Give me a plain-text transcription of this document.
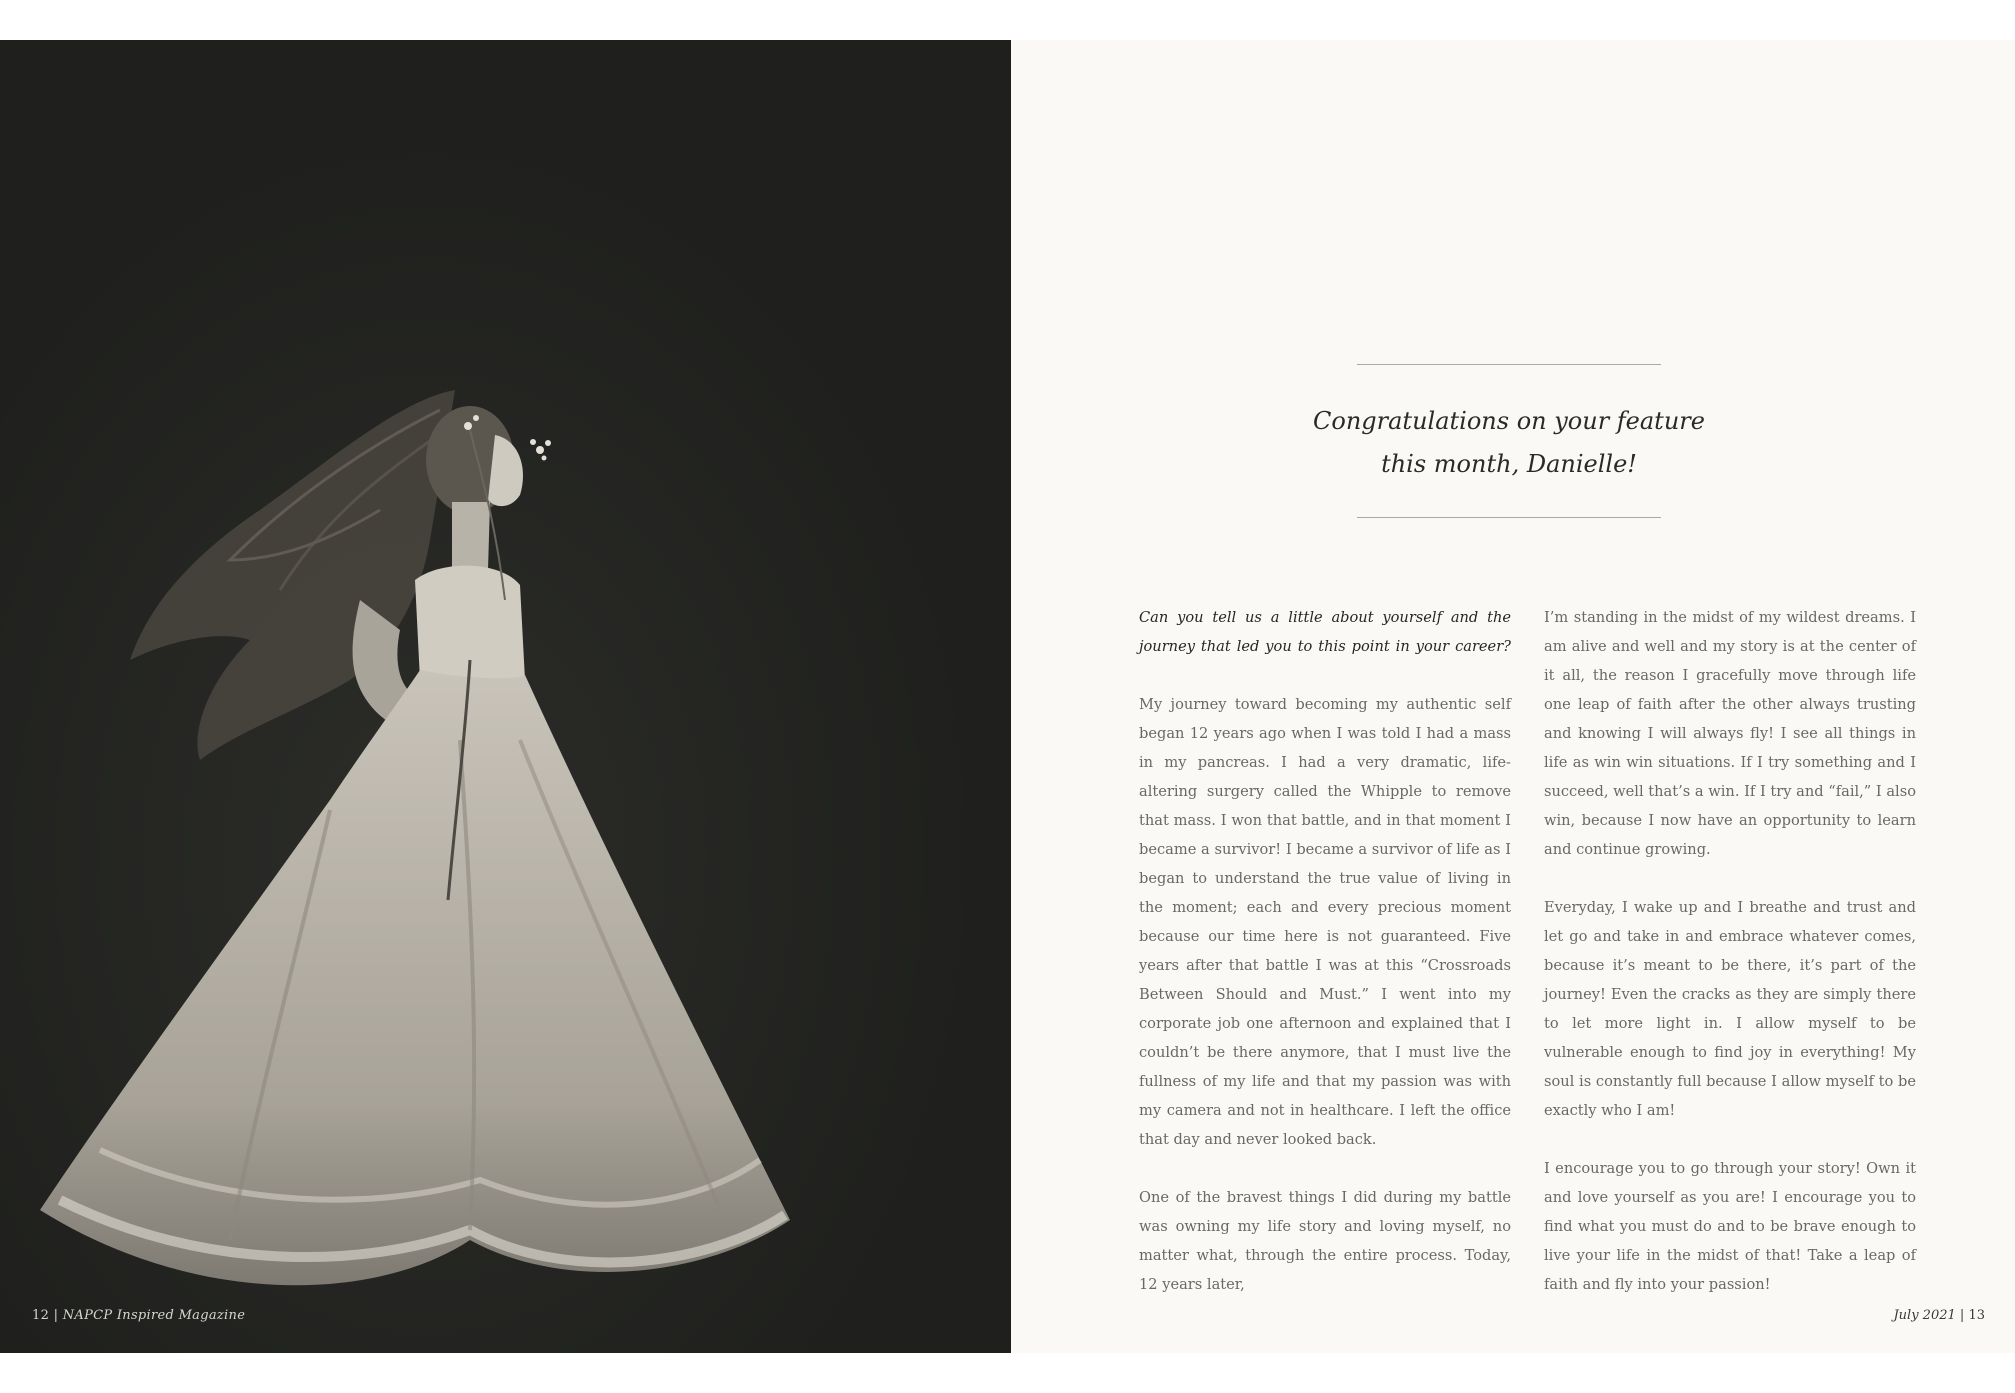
12 | NAPCP Inspired Magazine
Congratulations on your feature
this month, Danielle!

Can you tell us a little about yourself and the journey that led you to this point in your career?

My journey toward becoming my authentic self began 12 years ago when I was told I had a mass in my pancreas. I had a very dramatic, life-altering surgery called the Whipple to remove that mass. I won that battle, and in that moment I became a survivor! I became a survivor of life as I began to understand the true value of living in the moment; each and every precious moment because our time here is not guaranteed. Five years after that battle I was at this “Crossroads Between Should and Must.” I went into my corporate job one afternoon and explained that I couldn’t be there anymore, that I must live the fullness of my life and that my passion was with my camera and not in healthcare. I left the office that day and never looked back.

One of the bravest things I did during my battle was owning my life story and loving myself, no matter what, through the entire process. Today, 12 years later,

I’m standing in the midst of my wildest dreams. I am alive and well and my story is at the center of it all, the reason I gracefully move through life one leap of faith after the other always trusting and knowing I will always fly! I see all things in life as win win situations. If I try something and I succeed, well that’s a win. If I try and “fail,” I also win, because I now have an opportunity to learn and continue growing.

Everyday, I wake up and I breathe and trust and let go and take in and embrace whatever comes, because it’s meant to be there, it’s part of the journey! Even the cracks as they are simply there to let more light in. I allow myself to be vulnerable enough to find joy in everything! My soul is constantly full because I allow myself to be exactly who I am!

I encourage you to go through your story! Own it and love yourself as you are! I encourage you to find what you must do and to be brave enough to live your life in the midst of that! Take a leap of faith and fly into your passion!

July 2021 | 13
